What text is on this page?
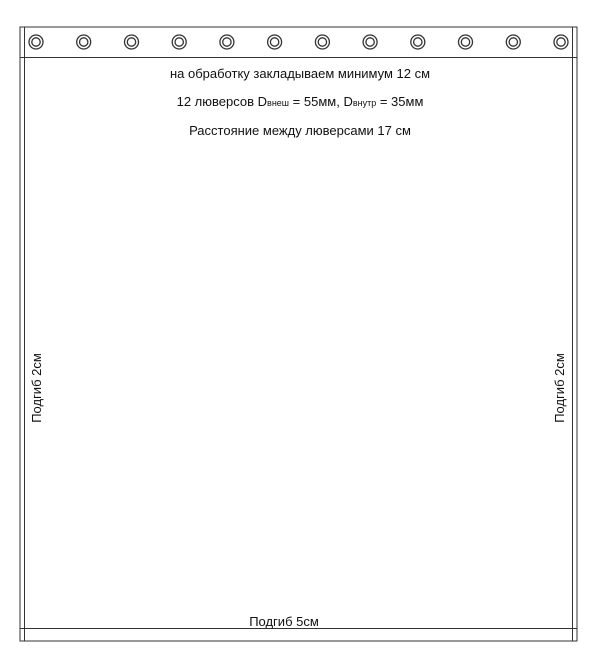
на обработку закладываем минимум 12 см
12 люверсов Dвнеш = 55мм, Dвнутр = 35мм
Расстояние между люверсами 17 см
Подгиб 2см	Подгиб 2см
Подгиб 5см
